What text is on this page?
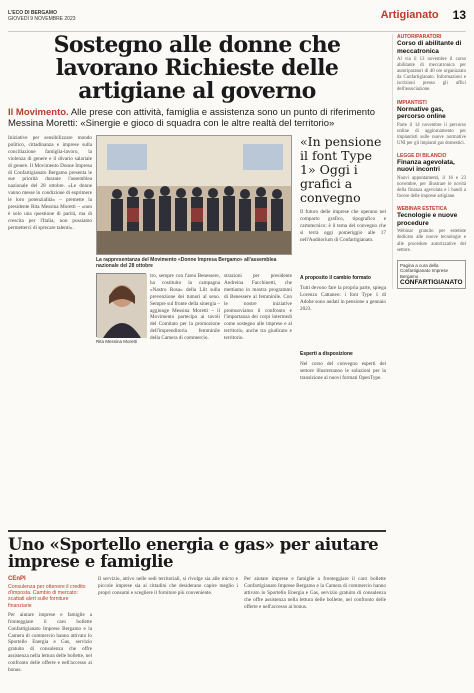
L'ECO DI BERGAMO
GIOVEDÌ 9 NOVEMBRE 2023	Artigianato 13
Sostegno alle donne che lavorano Richieste delle artigiane al governo
Il Movimento. Alle prese con attività, famiglia e assistenza sono un punto di riferimento Messina Moretti: «Sinergie e gioco di squadra con le altre realtà del territorio»
Iniziative per sensibilizzare mondo politico, cittadinanza e imprese sulla conciliazione famiglia-lavoro, la violenza di genere e il divario salariale di genere. Il Movimento Donne Impresa di Confartigianato Bergamo presenta le sue priorità durante l'assemblea nazionale del 28 ottobre. «Le donne vanno messe in condizione di esprimere le loro potenzialità» – premette la presidente Rita Messina Moretti – «non è solo una questione di parità, ma di crescita per l'Italia, non possiamo permetterci di sprecare talenti».
La rappresentanza del Movimento «Donne Impresa Bergamo» all'assemblea nazionale del 28 ottobre
Rita Messina Moretti
tro, sempre con l'area Benessere, ha costituito la campagna «Nastro Rosa» della Lilt sulla prevenzione dei tumori al seno. Sempre sul fronte della sinergia – aggiunge Messina Moretti – il Movimento partecipa ai tavoli del Comitato per la promozione dell'imprenditoria femminile della Camera di commercio.
strazioni per presidente Andreina Facchinetti, che mettiamo in mostra programmi di Benessere al femminile. Con le nostre iniziative promuoviamo il confronto e l'importanza dei corpi intermedi come sostegno alle imprese e al territorio, anche tra giudicato e territorio.
«In pensione il font Type 1» Oggi i grafici a convegno
Il futuro delle imprese che operano nel comparto grafico, tipografico e cartotecnico: è il tema del convegno che si terrà oggi pomeriggio alle 17 nell'Auditorium di Confartigianato.
A proposito il cambio formato
Tutti devono fare la propria parte, spiega Lorenzo Cattaneo: i font Type 1 di Adobe sono andati in pensione a gennaio 2023.
Esperti a disposizione
Nel corso del convegno esperti del settore illustreranno le soluzioni per la transizione ai nuovi formati OpenType.
Uno «Sportello energia e gas» per aiutare imprese e famiglie
CEnPI
Consulenza per ottenere il credito d'imposta. Cambio di mercato: scattati alert sulle forniture finanziarie
Per aiutare imprese e famiglie a fronteggiare il caro bollette Confartigianato Imprese Bergamo e la Camera di commercio hanno attivato lo Sportello Energia e Gas, servizio gratuito di consulenza che offre assistenza nella lettura delle bollette, nel confronto delle offerte e nell'accesso ai bonus.
Il servizio, attivo nelle sedi territoriali, si rivolge sia alle micro e piccole imprese sia ai cittadini che desiderano capire meglio i propri consumi e scegliere il fornitore più conveniente.
Per aiutare imprese e famiglie a fronteggiare il caro bollette Confartigianato Imprese Bergamo e la Camera di commercio hanno attivato lo Sportello Energia e Gas, servizio gratuito di consulenza che offre assistenza nella lettura delle bollette, nel confronto delle offerte e nell'accesso ai bonus.
AUTORIPARATORI
Corso di abilitante di meccatronica
Al via il 13 novembre il corso abilitante di meccatronica per autoriparatori di 40 ore organizzato da Confartigianato. Informazioni e iscrizioni presso gli uffici dell'associazione.
IMPIANTISTI
Normative gas, percorso online
Parte il 14 novembre il percorso online di aggiornamento per impiantisti sulle nuove normative UNI per gli impianti gas domestici.
LEGGE DI BILANCIO
Finanza agevolata, nuovi incontri
Nuovi appuntamenti, il 16 e 23 novembre, per illustrare le novità della finanza agevolata e i bandi a favore delle imprese artigiane.
WEBINAR ESTETICA
Tecnologie e nuove procedure
Webinar gratuito per estetiste dedicato alle nuove tecnologie e alle procedure autorizzative del settore.
Pagina a cura della Confartigianato Imprese Bergamo
CONFARTIGIANATO
